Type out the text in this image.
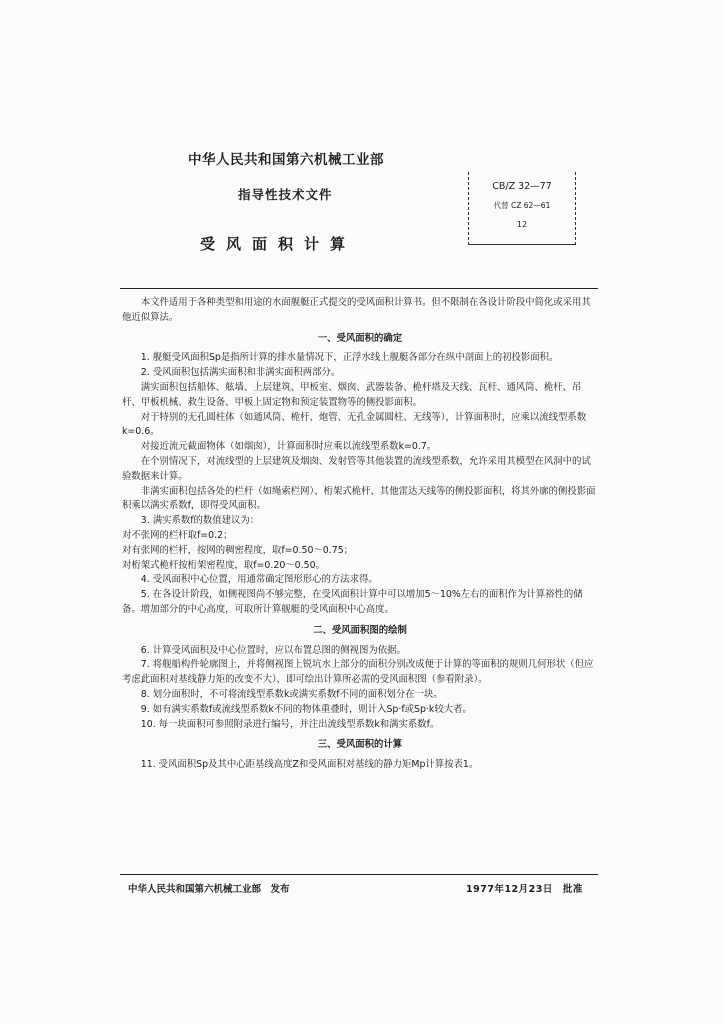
中华人民共和国第六机械工业部
指导性技术文件
受风面积计算
CB/Z 32—77
代替 CZ 62—61
12

本文件适用于各种类型和用途的水面舰艇正式提交的受风面积计算书。但不限制在各设计阶段中简化或采用其他近似算法。

一、受风面积的确定

1. 舰艇受风面积Sp是指所计算的排水量情况下，正浮水线上舰艇各部分在纵中剖面上的初投影面积。

2. 受风面积包括满实面积和非满实面积两部分。

满实面积包括船体、舷墙、上层建筑、甲板室、烟囱、武器装备、桅杆塔及天线、瓦杆、通风筒、桅杆、吊杆、甲板机械、救生设备、甲板上固定物和预定装置物等的侧投影面积。

对于特别的无孔圆柱体（如通风筒、桅杆、炮管、无孔金属圆柱、无线等），计算面积时，应乘以流线型系数 k=0.6。

对接近流元截面物体（如烟囱），计算面积时应乘以流线型系数k=0.7。

在个别情况下，对流线型的上层建筑及烟囱、发射管等其他装置的流线型系数，允许采用其模型在风洞中的试验数据来计算。

非满实面积包括各处的栏杆（如绳索栏网）、桁架式桅杆、其他雷达天线等的侧投影面积，将其外廓的侧投影面积乘以满实系数f，即得受风面积。

3. 满实系数f的数值建议为：

对不张网的栏杆取f=0.2；

对有张网的栏杆，按网的稠密程度，取f=0.50～0.75；

对桁架式桅杆按桁架密程度，取f=0.20～0.50。

4. 受风面积中心位置，用通常确定图形形心的方法求得。

5. 在各设计阶段，如侧视图尚不够完整，在受风面积计算中可以增加5～10%左右的面积作为计算裕性的储备。增加部分的中心高度，可取所计算舰艇的受风面积中心高度。

二、受风面积图的绘制

6. 计算受风面积及中心位置时，应以布置总图的侧视图为依据。

7. 将舰船构件轮廓图上，并将侧视图上锐坑水上部分的面积分别改成便于计算的等面积的规则几何形状（但应考虑此面积对基线静力矩的改变不大），即可绘出计算所必需的受风面积图（参看附录）。

8. 划分面积时，不可将流线型系数k或满实系数f不同的面积划分在一块。

9. 如有满实系数f或流线型系数k不同的物体重叠时，则计入Sp·f或Sp·k较大者。

10. 每一块面积可参照附录进行编号，并注出流线型系数k和满实系数f。

三、受风面积的计算

11. 受风面积Sp及其中心距基线高度Z和受风面积对基线的静力矩Mp计算按表1。

中华人民共和国第六机械工业部　发布	1977年12月23日　批准
